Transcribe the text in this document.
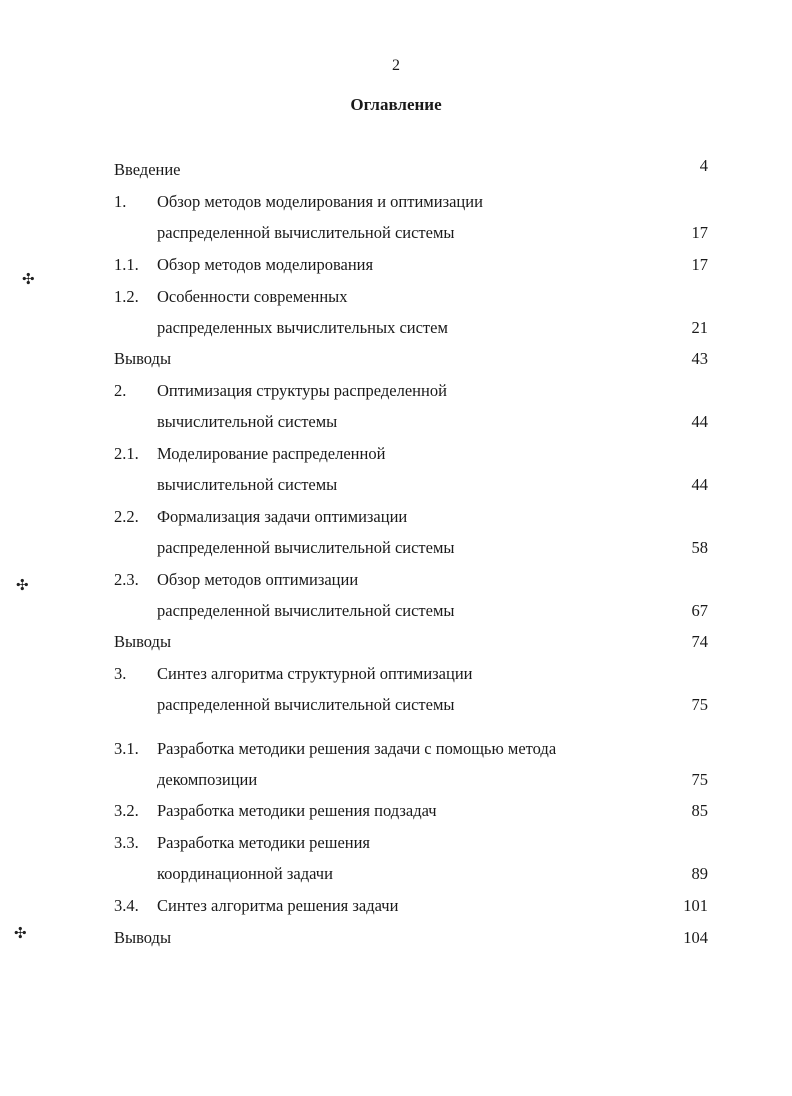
2
Оглавление
Введение	4
1. Обзор методов моделирования и оптимизации
распределенной вычислительной системы	17
1.1. Обзор методов моделирования	17
1.2. Особенности современных
распределенных вычислительных систем	21
Выводы	43
2. Оптимизация структуры распределенной
вычислительной системы	44
2.1. Моделирование распределенной
вычислительной системы	44
2.2. Формализация задачи оптимизации
распределенной вычислительной системы	58
2.3. Обзор методов оптимизации
распределенной вычислительной системы	67
Выводы	74
3. Синтез алгоритма структурной оптимизации
распределенной вычислительной системы	75
3.1. Разработка методики решения задачи с помощью метода
декомпозиции	75
3.2. Разработка методики решения подзадач	85
3.3. Разработка методики решения
координационной задачи	89
3.4. Синтез алгоритма решения задачи	101
Выводы	104
✣
✣
✣
